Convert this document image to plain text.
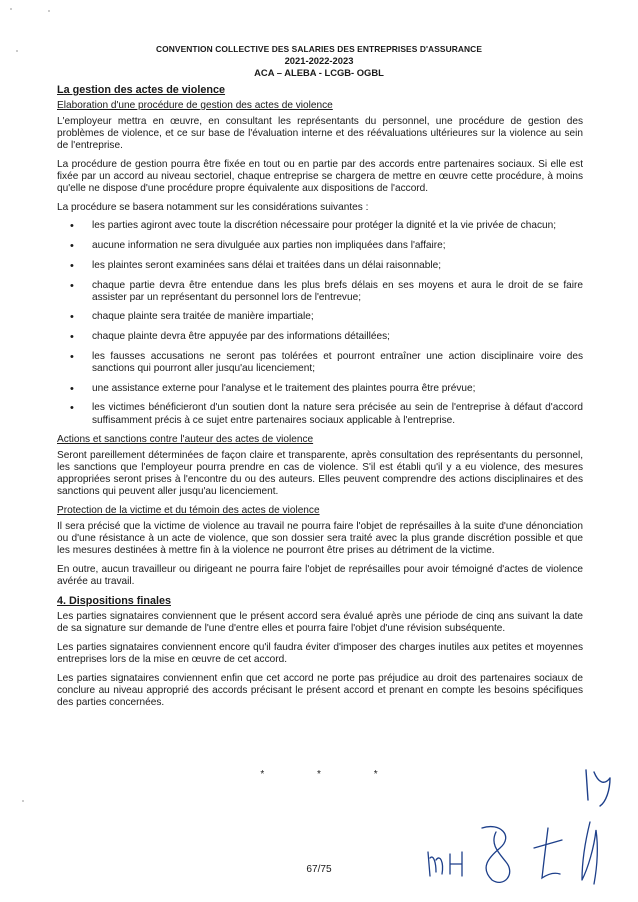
CONVENTION COLLECTIVE DES SALARIES DES ENTREPRISES D'ASSURANCE
2021-2022-2023
ACA – ALEBA - LCGB- OGBL
La gestion des actes de violence
Elaboration d'une procédure de gestion des actes de violence

L'employeur mettra en œuvre, en consultant les représentants du personnel, une procédure de gestion des problèmes de violence, et ce sur base de l'évaluation interne et des réévaluations ultérieures sur la violence au sein de l'entreprise.

La procédure de gestion pourra être fixée en tout ou en partie par des accords entre partenaires sociaux. Si elle est fixée par un accord au niveau sectoriel, chaque entreprise se chargera de mettre en œuvre cette procédure, à moins qu'elle ne dispose d'une procédure propre équivalente aux dispositions de l'accord.

La procédure se basera notamment sur les considérations suivantes :

• les parties agiront avec toute la discrétion nécessaire pour protéger la dignité et la vie privée de chacun;
• aucune information ne sera divulguée aux parties non impliquées dans l'affaire;
• les plaintes seront examinées sans délai et traitées dans un délai raisonnable;
• chaque partie devra être entendue dans les plus brefs délais en ses moyens et aura le droit de se faire assister par un représentant du personnel lors de l'entrevue;
• chaque plainte sera traitée de manière impartiale;
• chaque plainte devra être appuyée par des informations détaillées;
• les fausses accusations ne seront pas tolérées et pourront entraîner une action disciplinaire voire des sanctions qui pourront aller jusqu'au licenciement;
• une assistance externe pour l'analyse et le traitement des plaintes pourra être prévue;
• les victimes bénéficieront d'un soutien dont la nature sera précisée au sein de l'entreprise à défaut d'accord suffisamment précis à ce sujet entre partenaires sociaux applicable à l'entreprise.
Actions et sanctions contre l'auteur des actes de violence

Seront pareillement déterminées de façon claire et transparente, après consultation des représentants du personnel, les sanctions que l'employeur pourra prendre en cas de violence. S'il est établi qu'il y a eu violence, des mesures appropriées seront prises à l'encontre du ou des auteurs. Elles peuvent comprendre des actions disciplinaires et des sanctions qui peuvent aller jusqu'au licenciement.

Protection de la victime et du témoin des actes de violence

Il sera précisé que la victime de violence au travail ne pourra faire l'objet de représailles à la suite d'une dénonciation ou d'une résistance à un acte de violence, que son dossier sera traité avec la plus grande discrétion possible et que les mesures destinées à mettre fin à la violence ne pourront être prises au détriment de la victime.

En outre, aucun travailleur ou dirigeant ne pourra faire l'objet de représailles pour avoir témoigné d'actes de violence avérée au travail.

4. Dispositions finales

Les parties signataires conviennent que le présent accord sera évalué après une période de cinq ans suivant la date de sa signature sur demande de l'une d'entre elles et pourra faire l'objet d'une révision subséquente.

Les parties signataires conviennent encore qu'il faudra éviter d'imposer des charges inutiles aux petites et moyennes entreprises lors de la mise en œuvre de cet accord.

Les parties signataires conviennent enfin que cet accord ne porte pas préjudice au droit des partenaires sociaux de conclure au niveau approprié des accords précisant le présent accord et prenant en compte les besoins spécifiques des parties concernées.

*	*	*
67/75
